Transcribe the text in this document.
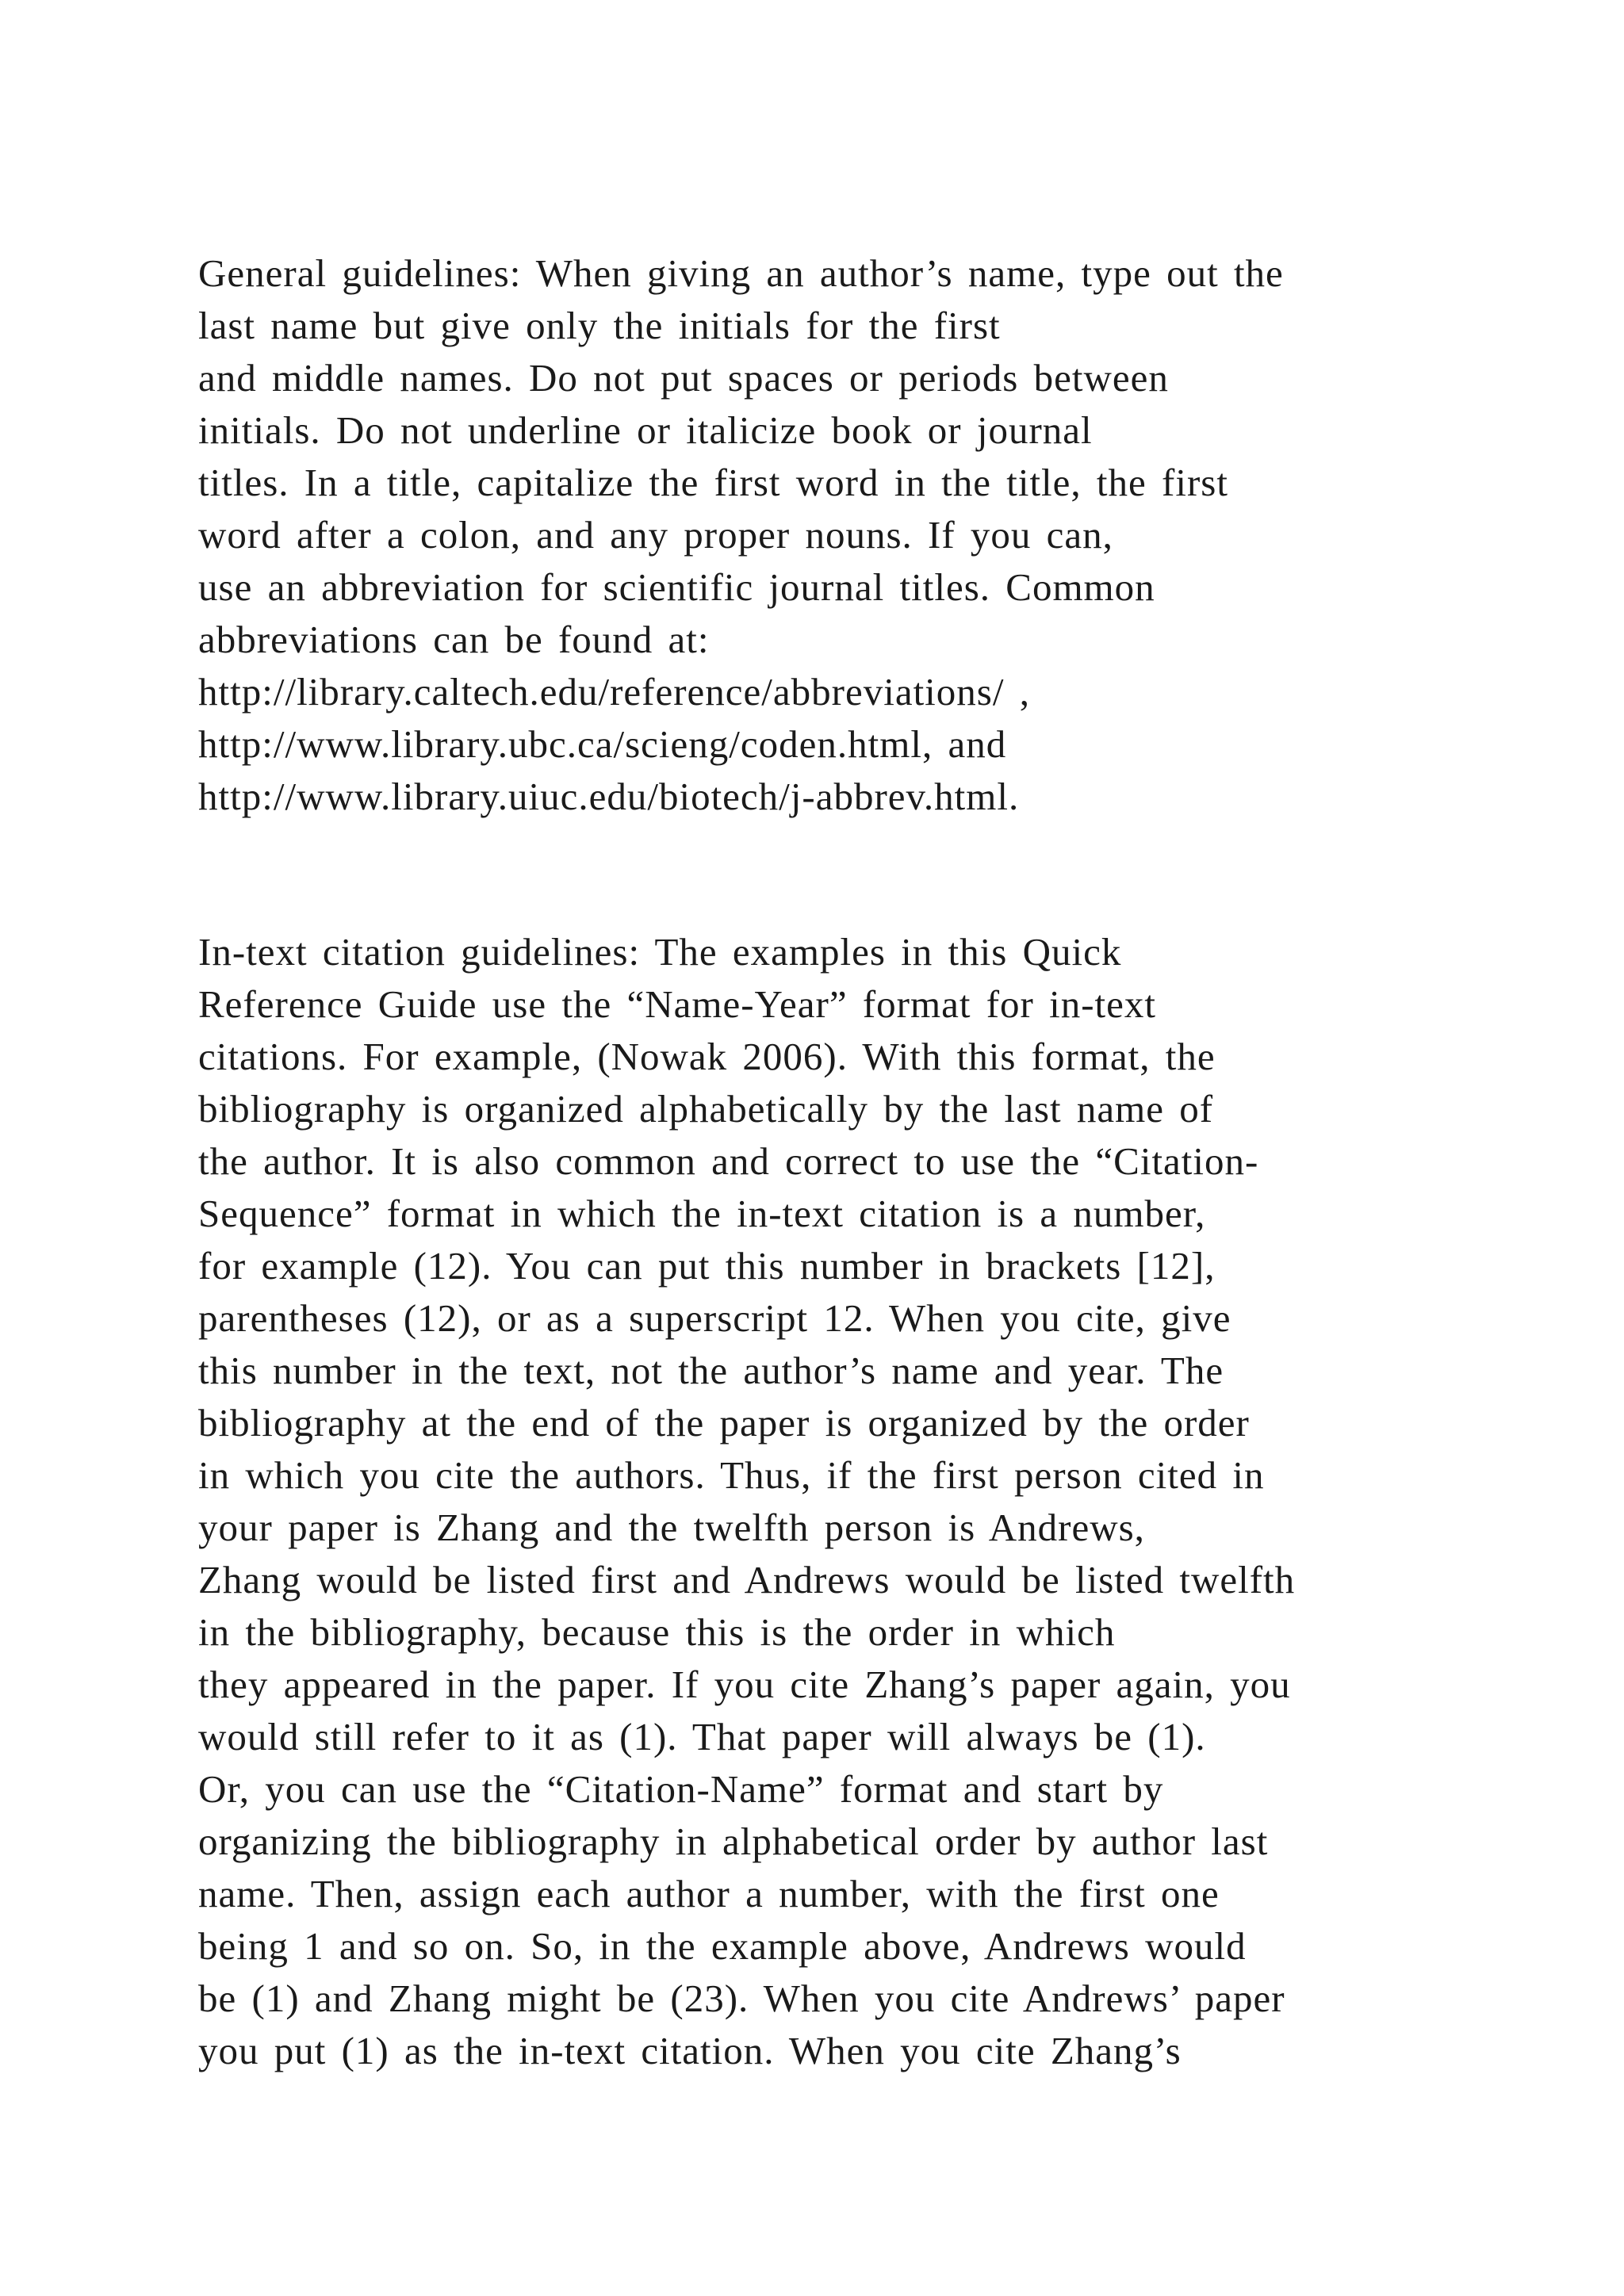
General guidelines: When giving an author’s name, type out the
last name but give only the initials for the first
and middle names. Do not put spaces or periods between
initials. Do not underline or italicize book or journal
titles. In a title, capitalize the first word in the title, the first
word after a colon, and any proper nouns. If you can,
use an abbreviation for scientific journal titles. Common
abbreviations can be found at:
http://library.caltech.edu/reference/abbreviations/ ,
http://www.library.ubc.ca/scieng/coden.html, and
http://www.library.uiuc.edu/biotech/j-abbrev.html.
In-text citation guidelines: The examples in this Quick
Reference Guide use the “Name-Year” format for in-text
citations. For example, (Nowak 2006). With this format, the
bibliography is organized alphabetically by the last name of
the author. It is also common and correct to use the “Citation-
Sequence” format in which the in-text citation is a number,
for example (12). You can put this number in brackets [12],
parentheses (12), or as a superscript 12. When you cite, give
this number in the text, not the author’s name and year. The
bibliography at the end of the paper is organized by the order
in which you cite the authors. Thus, if the first person cited in
your paper is Zhang and the twelfth person is Andrews,
Zhang would be listed first and Andrews would be listed twelfth
in the bibliography, because this is the order in which
they appeared in the paper. If you cite Zhang’s paper again, you
would still refer to it as (1). That paper will always be (1).
Or, you can use the “Citation-Name” format and start by
organizing the bibliography in alphabetical order by author last
name. Then, assign each author a number, with the first one
being 1 and so on. So, in the example above, Andrews would
be (1) and Zhang might be (23). When you cite Andrews’ paper
you put (1) as the in-text citation. When you cite Zhang’s
